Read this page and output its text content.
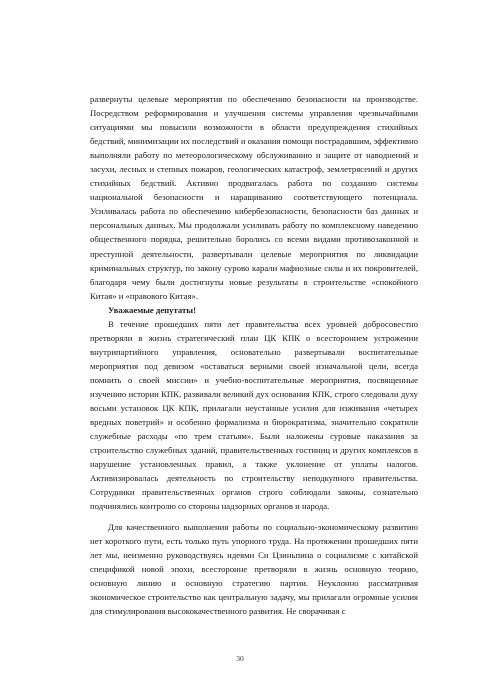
развернуты целевые мероприятия по обеспечению безопасности на производстве. Посредством реформирования и улучшения системы управления чрезвычайными ситуациями мы повысили возможности в области предупреждения стихийных бедствий, минимизации их последствий и оказания помощи пострадавшим, эффективно выполняли работу по метеорологическому обслуживанию и защите от наводнений и засухи, лесных и степных пожаров, геологических катастроф, землетрясений и других стихийных бедствий. Активно продвигалась работа по созданию системы национальной безопасности и наращиванию соответствующего потенциала. Усиливалась работа по обеспечению кибербезопасности, безопасности баз данных и персональных данных. Мы продолжали усиливать работу по комплексному наведению общественного порядка, решительно боролись со всеми видами противозаконной и преступной деятельности, развертывали целевые мероприятия по ликвидации криминальных структур, по закону сурово карали мафиозные силы и их покровителей, благодаря чему были достигнуты новые результаты в строительстве «спокойного Китая» и «правового Китая».

Уважаемые депутаты!

В течение прошедших пяти лет правительства всех уровней добросовестно претворяли в жизнь стратегический план ЦК КПК о всестороннем устрожении внутрипартийного управления, основательно развертывали воспитательные мероприятия под девизом «оставаться верными своей изначальной цели, всегда помнить о своей миссии» и учебно-воспитательные мероприятия, посвященные изучению истории КПК, развивали великий дух основания КПК, строго следовали духу восьми установок ЦК КПК, прилагали неустанные усилия для изживания «четырех вредных поветрий» и особенно формализма и бюрократизма, значительно сократили служебные расходы «по трем статьям». Были наложены суровые наказания за строительство служебных зданий, правительственных гостиниц и других комплексов в нарушение установленных правил, а также уклонение от уплаты налогов. Активизировалась деятельность по строительству неподкупного правительства. Сотрудники правительственных органов строго соблюдали законы, сознательно подчинялись контролю со стороны надзорных органов и народа.

Для качественного выполнения работы по социально-экономическому развитию нет короткого пути, есть только путь упорного труда. На протяжении прошедших пяти лет мы, неизменно руководствуясь идеями Си Цзиньпина о социализме с китайской спецификой новой эпохи, всесторонне претворяли в жизнь основную теорию, основную линию и основную стратегию партии. Неуклонно рассматривая экономическое строительство как центральную задачу, мы прилагали огромные усилия для стимулирования высококачественного развития. Не сворачивая с

30
